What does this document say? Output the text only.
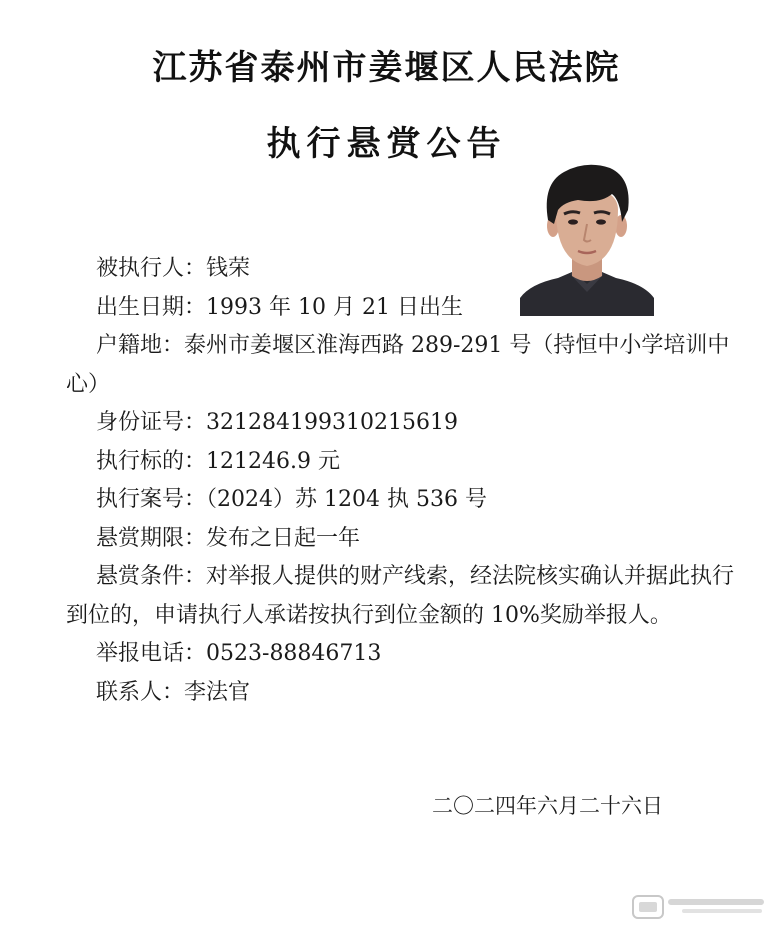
江苏省泰州市姜堰区人民法院
执行悬赏公告
被执行人：钱荣
出生日期：1993 年 10 月 21 日出生
户籍地：泰州市姜堰区淮海西路 289-291 号（持恒中小学培训中心）
身份证号：321284199310215619
执行标的：121246.9 元
执行案号：（2024）苏 1204 执 536 号
悬赏期限：发布之日起一年
悬赏条件：对举报人提供的财产线索，经法院核实确认并据此执行到位的，申请执行人承诺按执行到位金额的 10%奖励举报人。
举报电话：0523-88846713
联系人：李法官
二〇二四年六月二十六日
